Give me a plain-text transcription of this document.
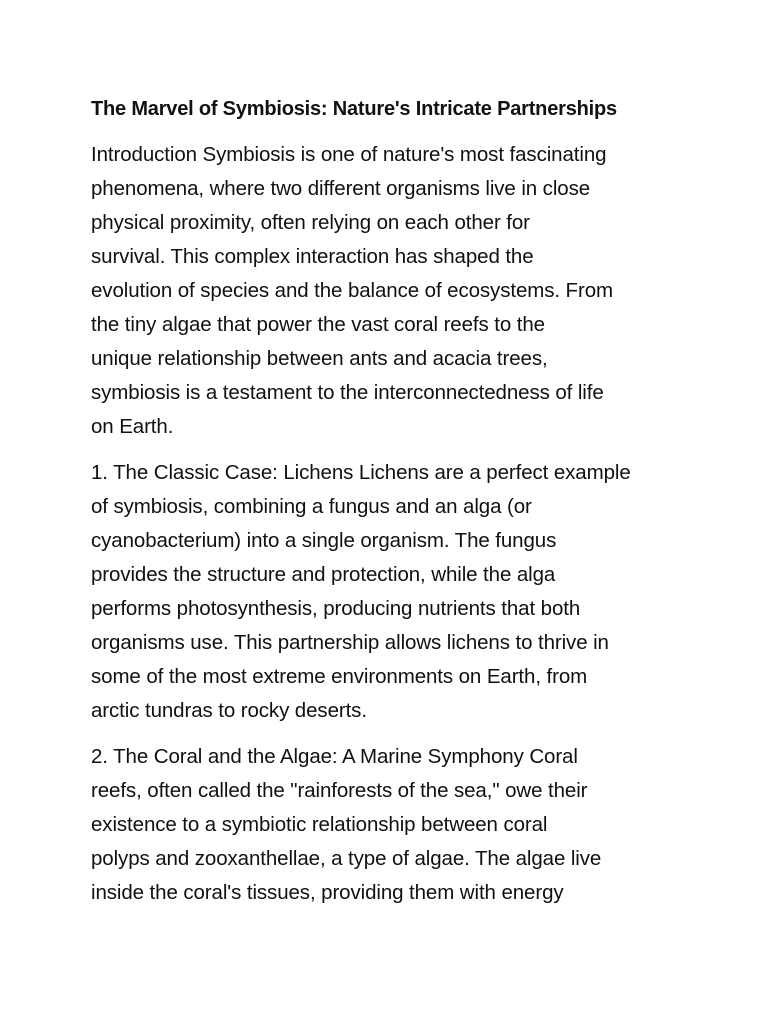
The Marvel of Symbiosis: Nature's Intricate Partnerships

Introduction Symbiosis is one of nature's most fascinating
phenomena, where two different organisms live in close
physical proximity, often relying on each other for
survival. This complex interaction has shaped the
evolution of species and the balance of ecosystems. From
the tiny algae that power the vast coral reefs to the
unique relationship between ants and acacia trees,
symbiosis is a testament to the interconnectedness of life
on Earth.

1. The Classic Case: Lichens Lichens are a perfect example
of symbiosis, combining a fungus and an alga (or
cyanobacterium) into a single organism. The fungus
provides the structure and protection, while the alga
performs photosynthesis, producing nutrients that both
organisms use. This partnership allows lichens to thrive in
some of the most extreme environments on Earth, from
arctic tundras to rocky deserts.

2. The Coral and the Algae: A Marine Symphony Coral
reefs, often called the "rainforests of the sea," owe their
existence to a symbiotic relationship between coral
polyps and zooxanthellae, a type of algae. The algae live
inside the coral's tissues, providing them with energy
